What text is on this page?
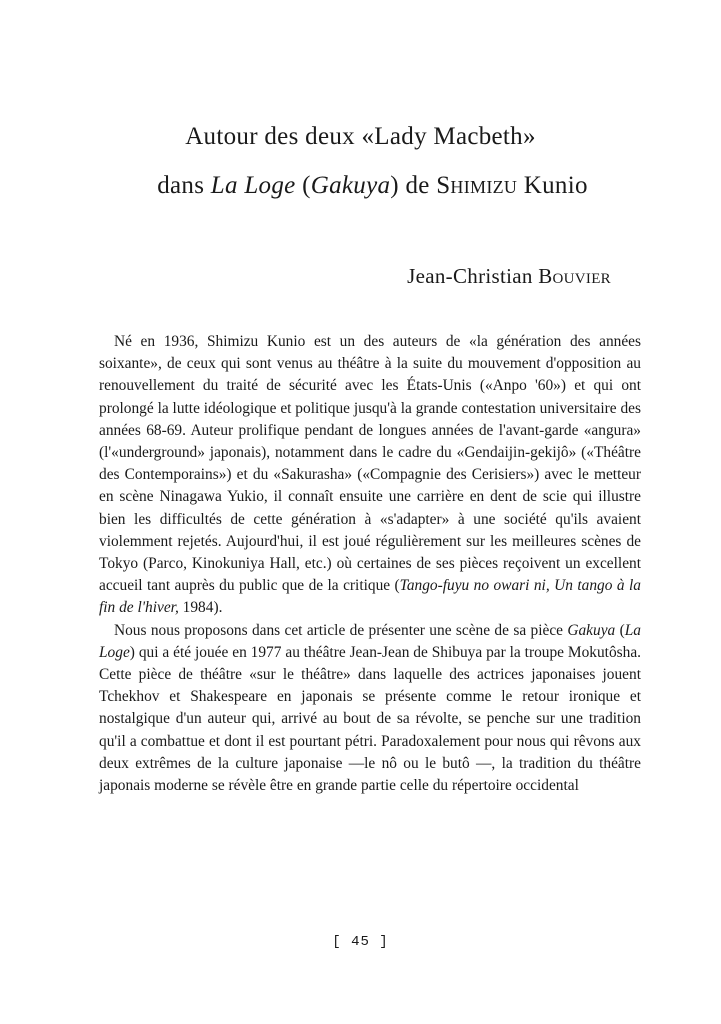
Autour des deux «Lady Macbeth»
dans La Loge (Gakuya) de Shimizu Kunio
Jean-Christian Bouvier

Né en 1936, Shimizu Kunio est un des auteurs de «la génération des années soixante», de ceux qui sont venus au théâtre à la suite du mouvement d'opposition au renouvellement du traité de sécurité avec les États-Unis («Anpo '60») et qui ont prolongé la lutte idéologique et politique jusqu'à la grande contestation universitaire des années 68-69. Auteur prolifique pendant de longues années de l'avant-garde «angura» (l'«underground» japonais), notamment dans le cadre du «Gendaijin-gekijô» («Théâtre des Contemporains») et du «Sakurasha» («Compagnie des Cerisiers») avec le metteur en scène Ninagawa Yukio, il connaît ensuite une carrière en dent de scie qui illustre bien les difficultés de cette génération à «s'adapter» à une société qu'ils avaient violemment rejetés. Aujourd'hui, il est joué régulièrement sur les meilleures scènes de Tokyo (Parco, Kinokuniya Hall, etc.) où certaines de ses pièces reçoivent un excellent accueil tant auprès du public que de la critique (Tango-fuyu no owari ni, Un tango à la fin de l'hiver, 1984).

Nous nous proposons dans cet article de présenter une scène de sa pièce Gakuya (La Loge) qui a été jouée en 1977 au théâtre Jean-Jean de Shibuya par la troupe Mokutôsha. Cette pièce de théâtre «sur le théâtre» dans laquelle des actrices japonaises jouent Tchekhov et Shakespeare en japonais se présente comme le retour ironique et nostalgique d'un auteur qui, arrivé au bout de sa révolte, se penche sur une tradition qu'il a combattue et dont il est pourtant pétri. Paradoxalement pour nous qui rêvons aux deux extrêmes de la culture japonaise —le nô ou le butô —, la tradition du théâtre japonais moderne se révèle être en grande partie celle du répertoire occidental

[ 45 ]
